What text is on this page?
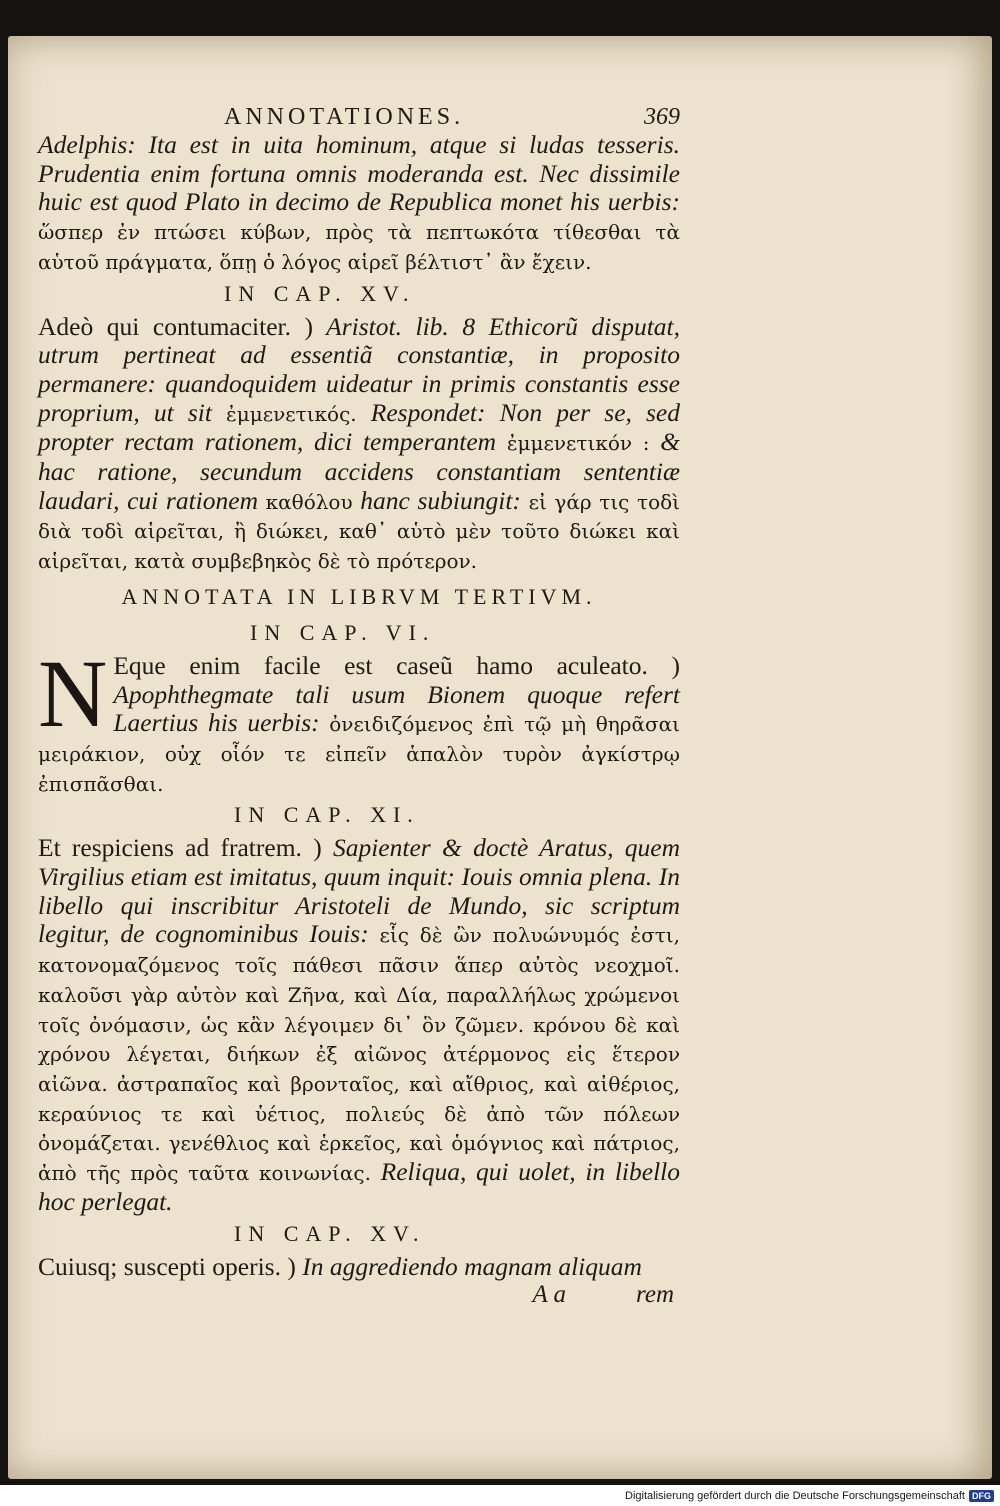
ANNOTATIONES.	369

Adelphis: Ita est in uita hominum, atque si ludas tesseris. Prudentia enim fortuna omnis moderanda est. Nec dissimile huic est quod Plato in decimo de Republica monet his uerbis: ὥσπερ ἐν πτώσει κύβων, πρὸς τὰ πεπτωκότα τίθεσθαι τὰ αὑτοῦ πράγματα, ὅπῃ ὁ λόγος αἱρεῖ βέλτιστ᾽ ἂν ἔχειν.

IN CAP. XV.

Adeò qui contumaciter. ) Aristot. lib. 8 Ethicorũ disputat, utrum pertineat ad essentiã constantiæ, in proposito permanere: quandoquidem uideatur in primis constantis esse proprium, ut sit ἐμμενετικός. Respondet: Non per se, sed propter rectam rationem, dici temperantem ἐμμενετικόν : & hac ratione, secundum accidens constantiam sententiæ laudari, cui rationem καθόλου hanc subiungit: εἰ γάρ τις τοδὶ διὰ τοδὶ αἱρεῖται, ἢ διώκει, καθ᾽ αὑτὸ μὲν τοῦτο διώκει καὶ αἱρεῖται, κατὰ συμβεβηκὸς δὲ τὸ πρότερον.

ANNOTATA IN LIBRVM TERTIVM.
IN CAP. VI.
N Eque enim facile est caseũ hamo aculeato. ) Apophthegmate tali usum Bionem quoque refert Laertius his uerbis: ὀνειδιζόμενος ἐπὶ τῷ μὴ θηρᾶσαι μειράκιον, οὐχ οἷόν τε εἰπεῖν ἁπαλὸν τυρὸν ἀγκίστρῳ ἐπισπᾶσθαι.

IN CAP. XI.

Et respiciens ad fratrem. ) Sapienter & doctè Aratus, quem Virgilius etiam est imitatus, quum inquit: Iouis omnia plena. In libello qui inscribitur Aristoteli de Mundo, sic scriptum legitur, de cognominibus Iouis: εἷς δὲ ὢν πολυώνυμός ἐστι, κατονομαζόμενος τοῖς πάθεσι πᾶσιν ἅπερ αὐτὸς νεοχμοῖ. καλοῦσι γὰρ αὐτὸν καὶ Ζῆνα, καὶ Δία, παραλλήλως χρώμενοι τοῖς ὀνόμασιν, ὡς κἂν λέγοιμεν δι᾽ ὃν ζῶμεν. κρόνου δὲ καὶ χρόνου λέγεται, διήκων ἐξ αἰῶνος ἀτέρμονος εἰς ἕτερον αἰῶνα. ἀστραπαῖος καὶ βρονταῖος, καὶ αἴθριος, καὶ αἰθέριος, κεραύνιος τε καὶ ὑέτιος, πολιεύς δὲ ἀπὸ τῶν πόλεων ὀνομάζεται. γενέθλιος καὶ ἑρκεῖος, καὶ ὁμόγνιος καὶ πάτριος, ἀπὸ τῆς πρὸς ταῦτα κοινωνίας. Reliqua, qui uolet, in libello hoc perlegat.

IN CAP. XV.

Cuiusq; suscepti operis. ) In aggrediendo magnam aliquam

A a	rem
Digitalisierung gefördert durch die Deutsche Forschungsgemeinschaft DFG
